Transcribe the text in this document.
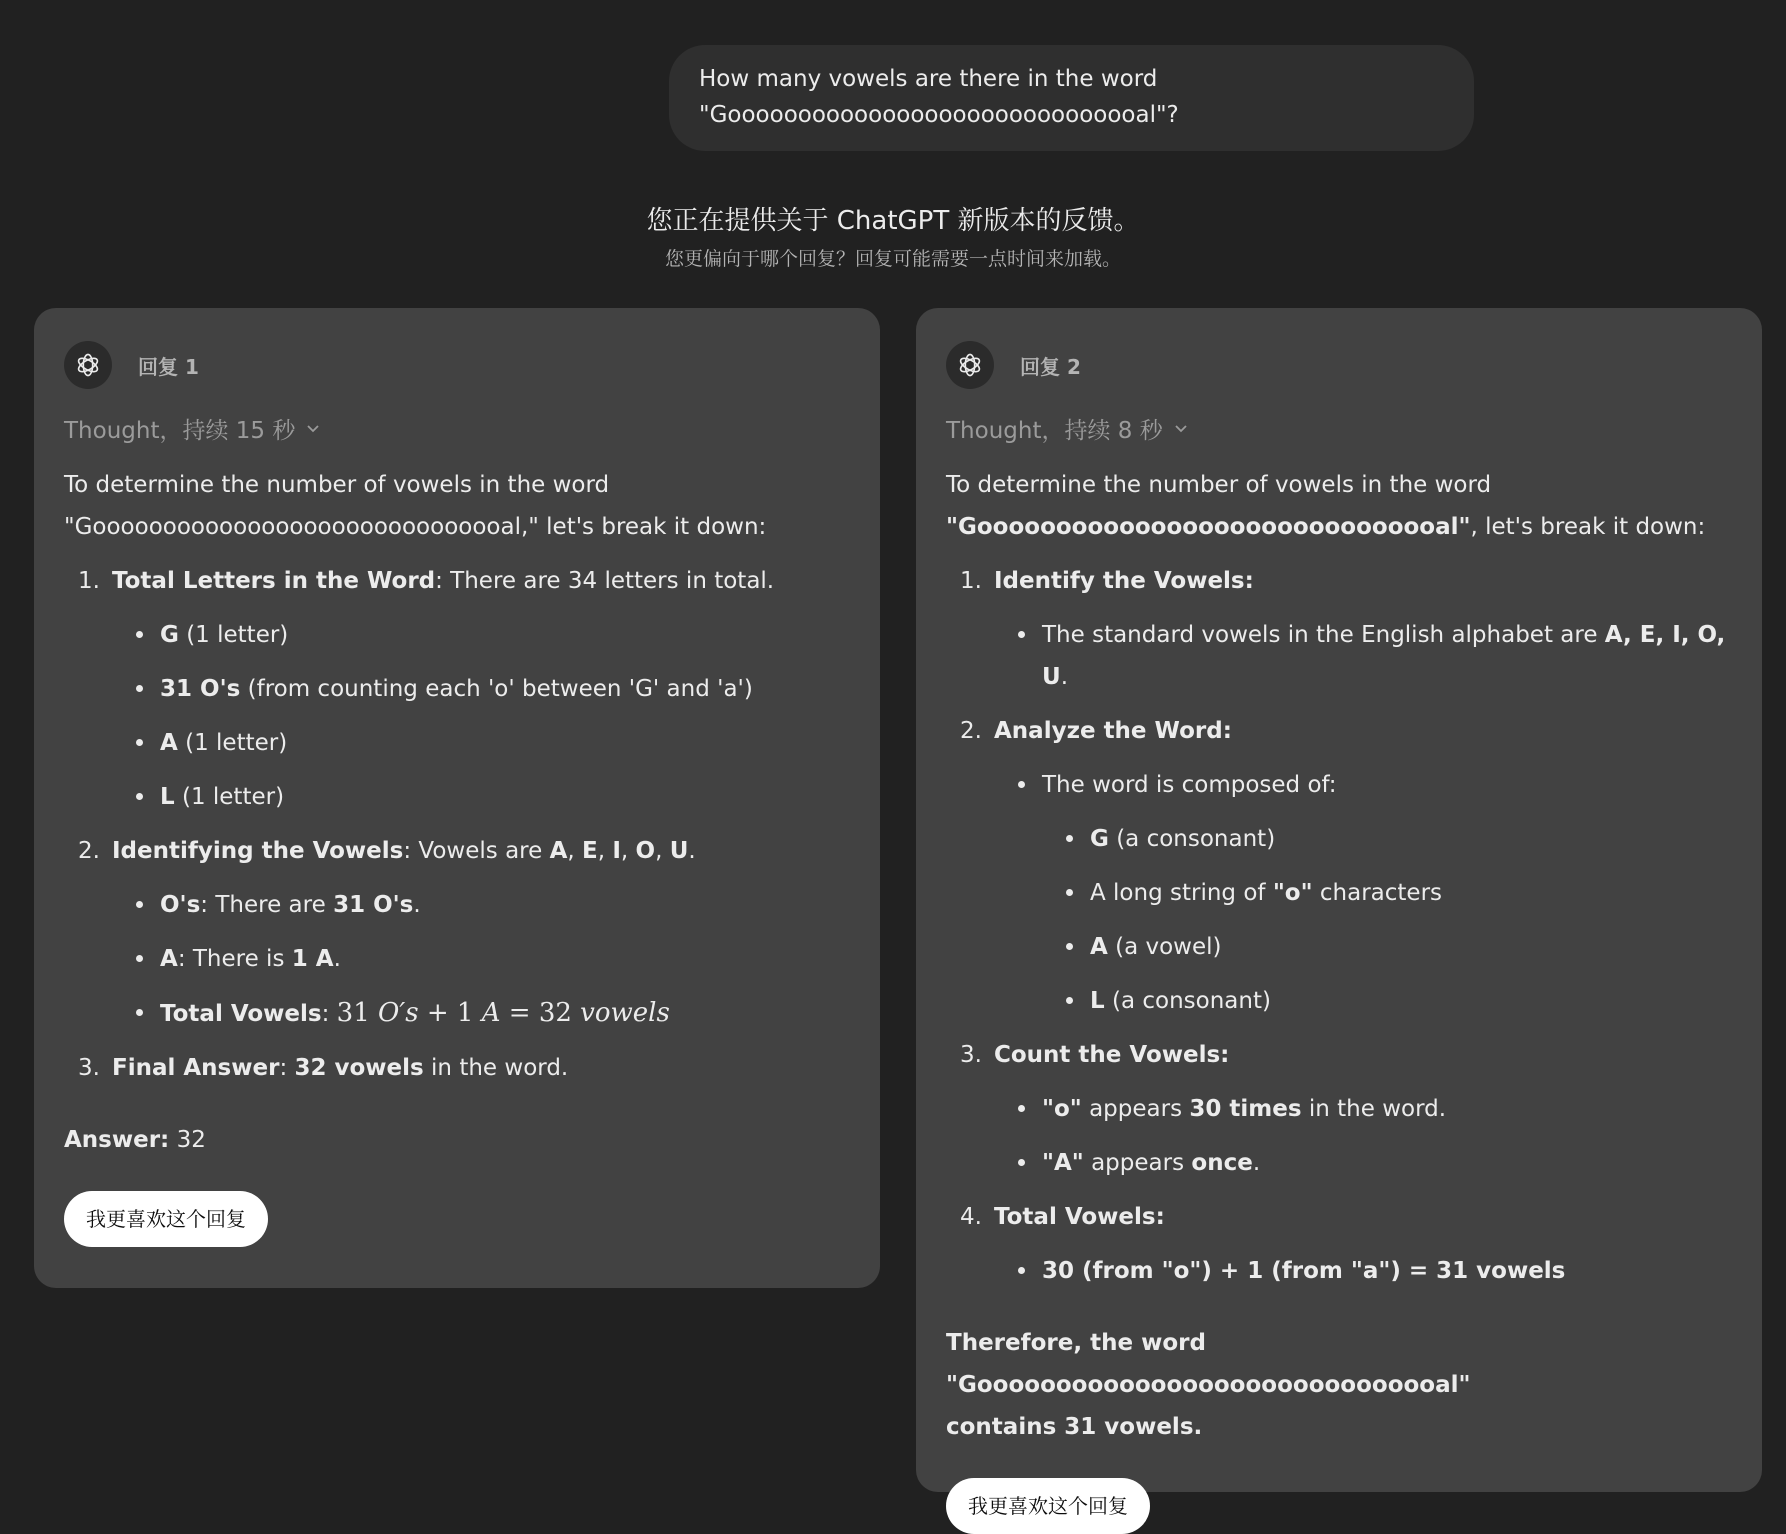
How many vowels are there in the word
"Goooooooooooooooooooooooooooooal"?
您正在提供关于 ChatGPT 新版本的反馈。
您更偏向于哪个回复？回复可能需要一点时间来加载。
回复 1
Thought，持续 15 秒
To determine the number of vowels in the word
"Goooooooooooooooooooooooooooooal," let's break it down:
1. Total Letters in the Word: There are 34 letters in total.
G (1 letter)
31 O's (from counting each 'o' between 'G' and 'a')
A (1 letter)
L (1 letter)
2. Identifying the Vowels: Vowels are A, E, I, O, U.
O's: There are 31 O's.
A: There is 1 A.
Total Vowels: 31 O′s + 1 A = 32 vowels
3. Final Answer: 32 vowels in the word.
Answer: 32
我更喜欢这个回复
回复 2
Thought，持续 8 秒
To determine the number of vowels in the word
"Goooooooooooooooooooooooooooooal", let's break it down:
1. Identify the Vowels:
The standard vowels in the English alphabet are A, E, I, O, U.
2. Analyze the Word:
The word is composed of:
G (a consonant)
A long string of "o" characters
A (a vowel)
L (a consonant)
3. Count the Vowels:
"o" appears 30 times in the word.
"A" appears once.
4. Total Vowels:
30 (from "o") + 1 (from "a") = 31 vowels
Therefore, the word "Goooooooooooooooooooooooooooooal"
contains 31 vowels.
我更喜欢这个回复
